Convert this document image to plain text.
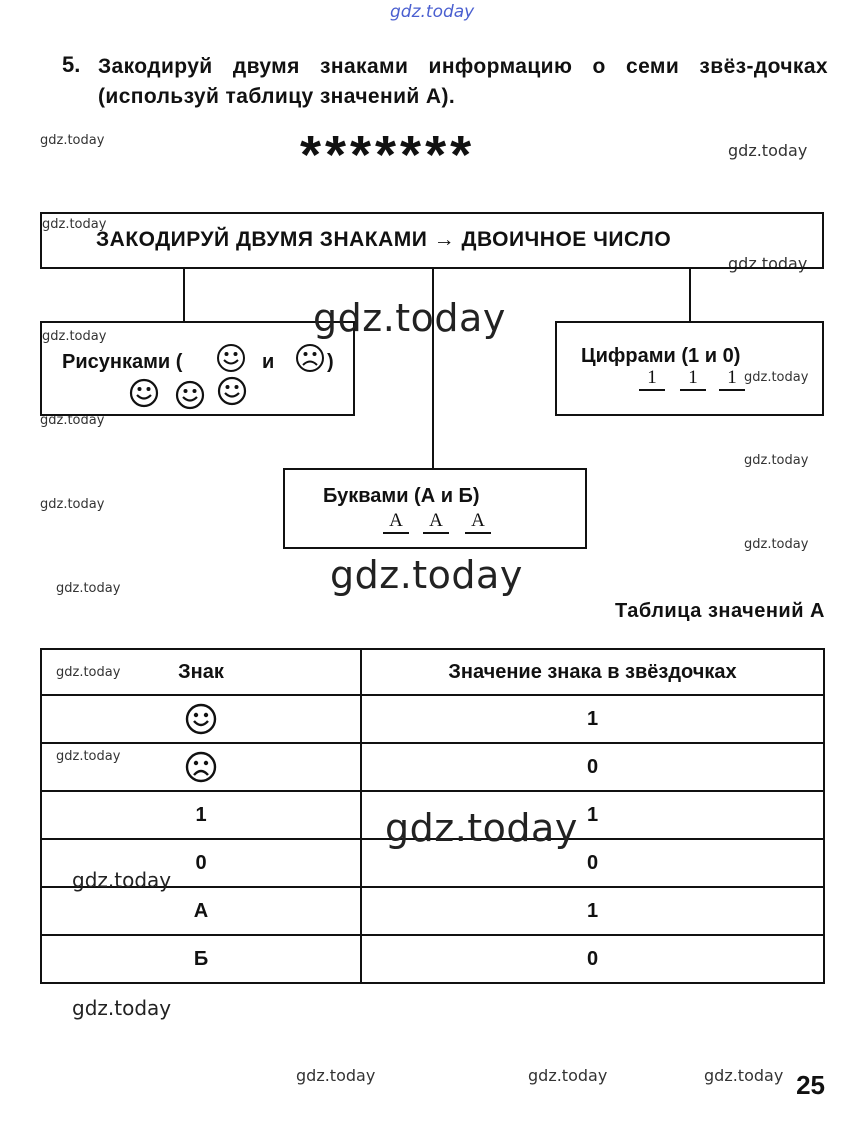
gdz.today
gdz.today
gdz.today
gdz.today
gdz.today
gdz.today
gdz.today
gdz.today
gdz.today
gdz.today
gdz.today
gdz.today
gdz.today
gdz.today
gdz.today
gdz.today
gdz.today	gdz.today	gdz.today
5. Закодируй двумя знаками информацию о семи звёз-дочках (используй таблицу значений А).
*******
ЗАКОДИРУЙ ДВУМЯ ЗНАКАМИ → ДВОИЧНОЕ ЧИСЛО
Рисунками (	и	)	Цифрами (1 и 0)
1	1	1
Буквами (А и Б)
А	А	А
gdz.today
gdz.today
Таблица значений А
Знак	Значение знака в звёздочках
	1
	0
1	1
0	0
А	1
Б	0
gdz.today
25
